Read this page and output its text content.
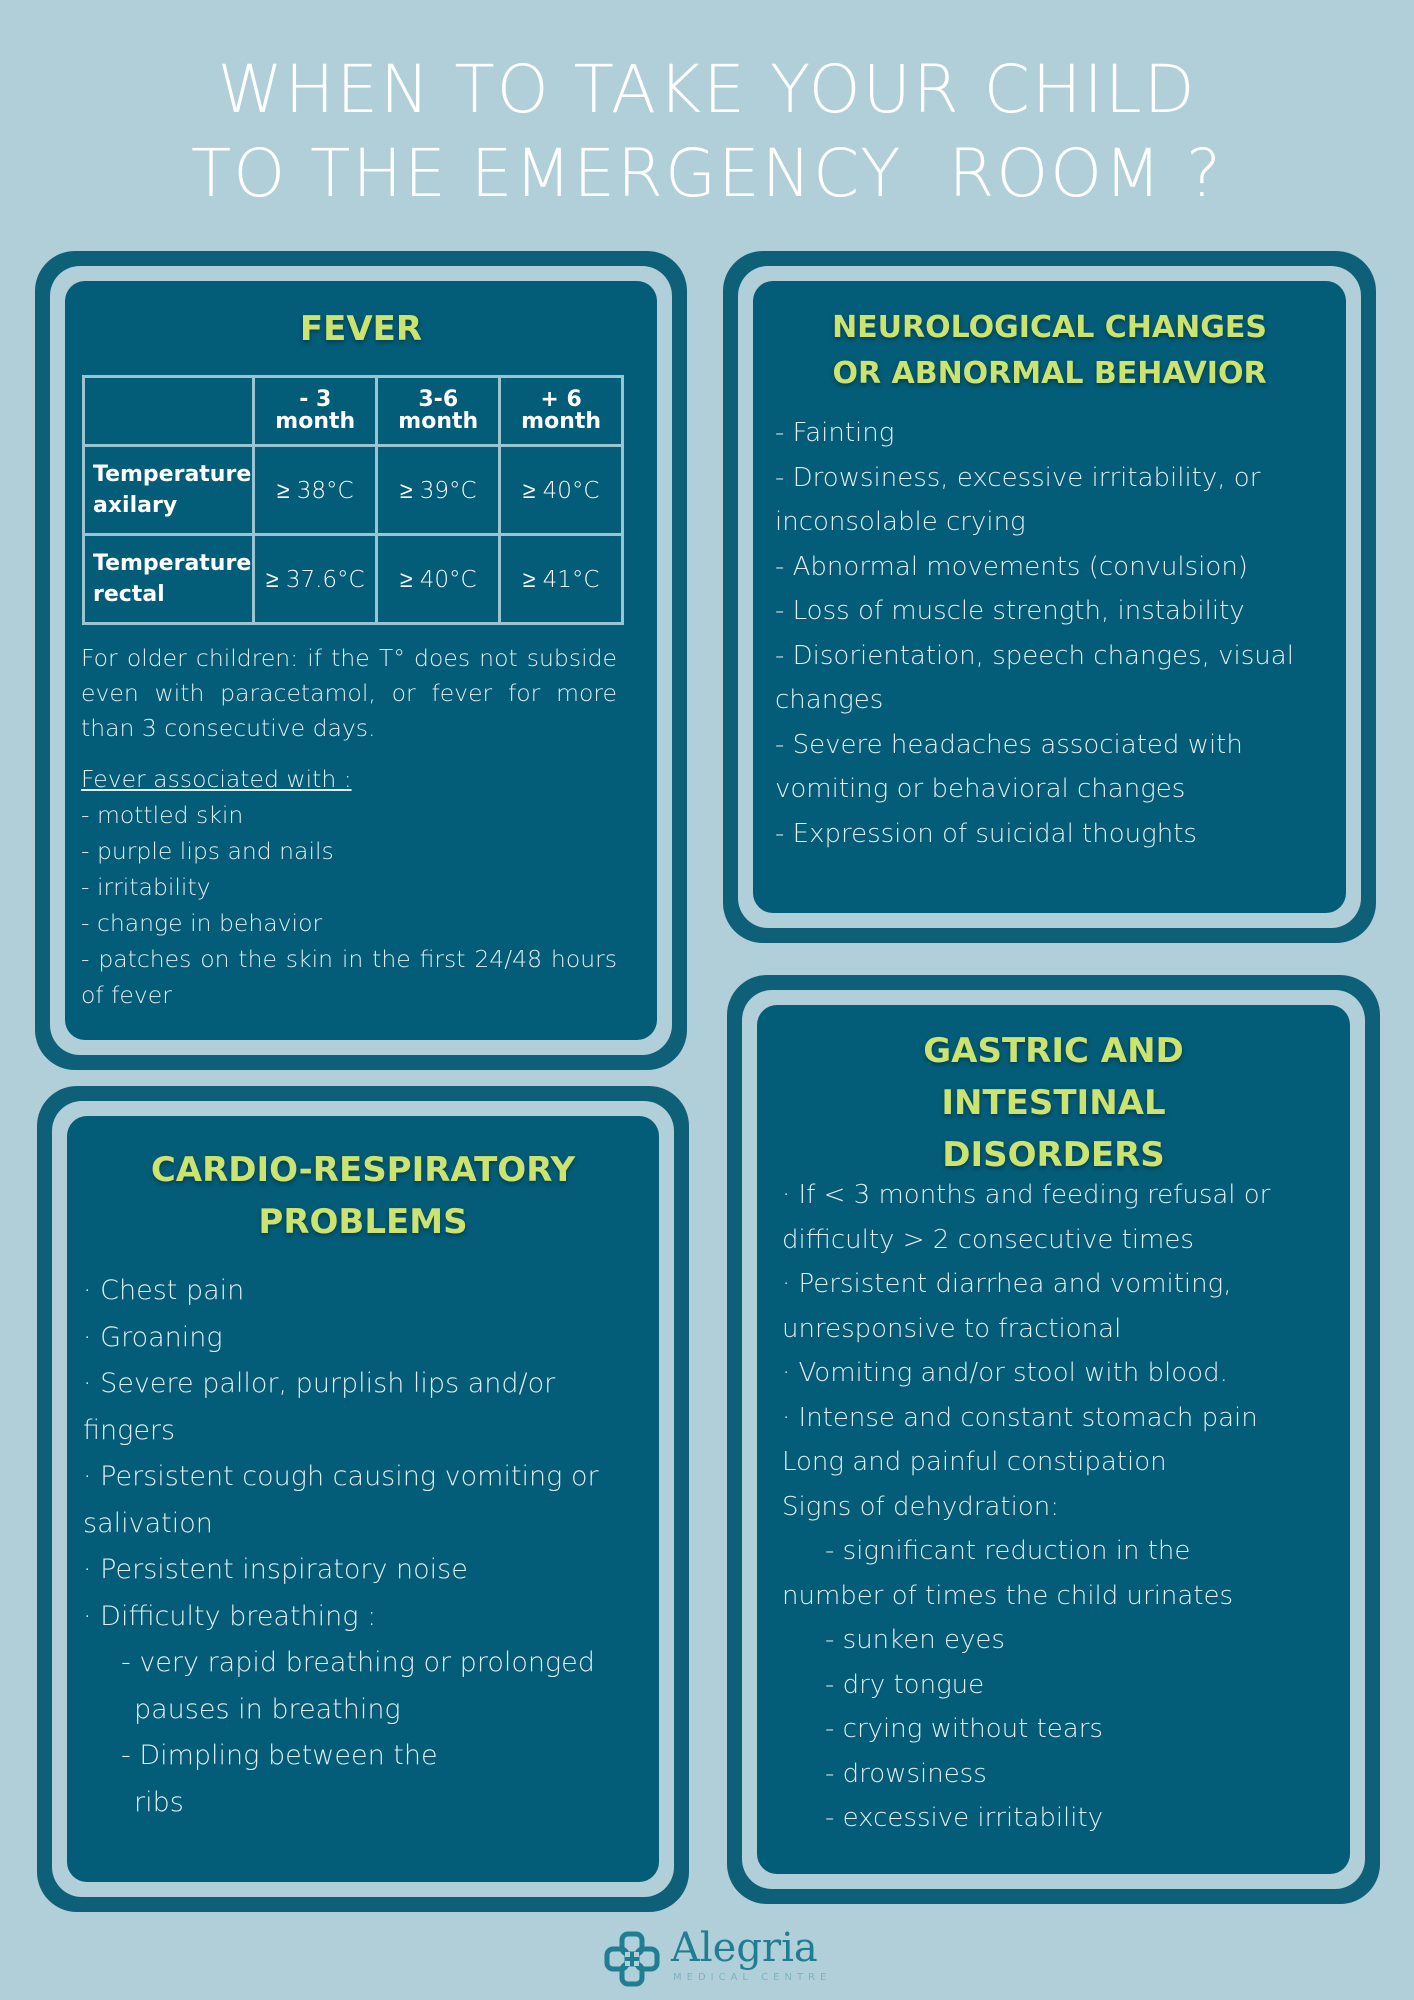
WHEN TO TAKE YOUR CHILD
TO THE EMERGENCY  ROOM ?
FEVER
	- 3 month	3-6 month	+ 6 month
Temperature axilary	≥ 38°C	≥ 39°C	≥ 40°C
Temperature rectal	≥ 37.6°C	≥ 40°C	≥ 41°C
For older children: if the T° does not subside even with paracetamol, or fever for more than 3 consecutive days.
Fever associated with :
- mottled skin
- purple lips and nails
- irritability
- change in behavior
- patches on the skin in the first 24/48 hours of fever
NEUROLOGICAL CHANGES
OR ABNORMAL BEHAVIOR
- Fainting
- Drowsiness, excessive irritability, or inconsolable crying
- Abnormal movements (convulsion)
- Loss of muscle strength, instability
- Disorientation, speech changes, visual changes
- Severe headaches associated with vomiting or behavioral changes
- Expression of suicidal thoughts
CARDIO-RESPIRATORY
PROBLEMS
· Chest pain
· Groaning
· Severe pallor, purplish lips and/or fingers
· Persistent cough causing vomiting or salivation
· Persistent inspiratory noise
· Difficulty breathing :
- very rapid breathing or prolonged
pauses in breathing
- Dimpling between the
ribs
GASTRIC AND
INTESTINAL
DISORDERS
· If < 3 months and feeding refusal or difficulty > 2 consecutive times
· Persistent diarrhea and vomiting, unresponsive to fractional
· Vomiting and/or stool with blood.
· Intense and constant stomach pain
Long and painful constipation
Signs of dehydration:
- significant reduction in the
number of times the child urinates
- sunken eyes
- dry tongue
- crying without tears
- drowsiness
- excessive irritability
Alegria
MEDICAL CENTRE
